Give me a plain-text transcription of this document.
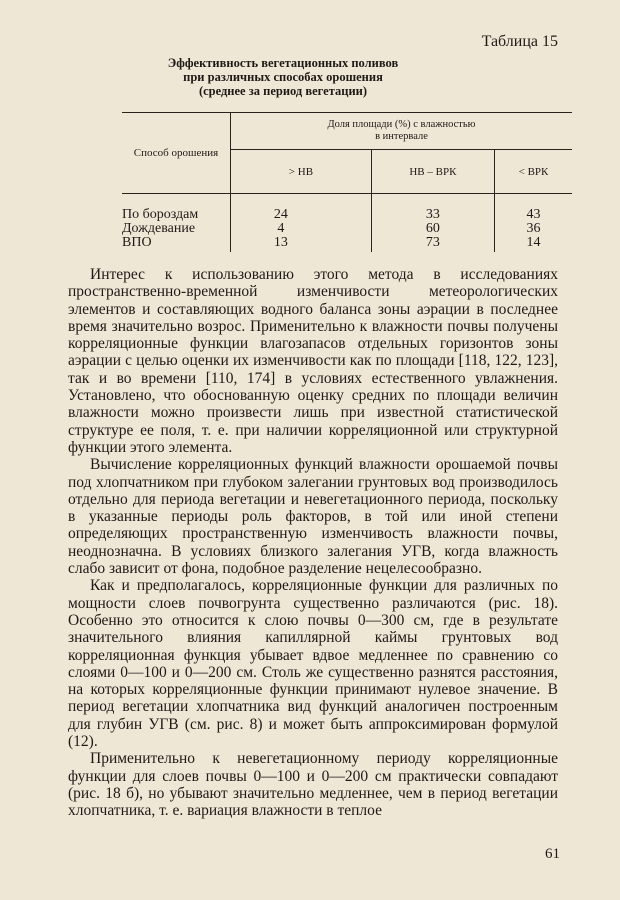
Таблица 15
Эффективность вегетационных поливов
при различных способах орошения
(среднее за период вегетации)
Способ орошения	Доля площади (%) с влажностью
в интервале		

	> НВ	НВ – ВРК	< ВРК
По бороздам	24	33	43
Дождевание	4	60	36
ВПО	13	73	14

Интерес к использованию этого метода в исследованиях пространственно-временной изменчивости метеорологических элементов и составляющих водного баланса зоны аэрации в последнее время значительно возрос. Применительно к влажности почвы получены корреляционные функции влагозапасов отдельных горизонтов зоны аэрации с целью оценки их изменчивости как по площади [118, 122, 123], так и во времени [110, 174] в условиях естественного увлажнения. Установлено, что обоснованную оценку средних по площади величин влажности можно произвести лишь при известной статистической структуре ее поля, т. е. при наличии корреляционной или структурной функции этого элемента.

Вычисление корреляционных функций влажности орошаемой почвы под хлопчатником при глубоком залегании грунтовых вод производилось отдельно для периода вегетации и невегетационного периода, поскольку в указанные периоды роль факторов, в той или иной степени определяющих пространственную изменчивость влажности почвы, неоднозначна. В условиях близкого залегания УГВ, когда влажность слабо зависит от фона, подобное разделение нецелесообразно.

Как и предполагалось, корреляционные функции для различных по мощности слоев почвогрунта существенно различаются (рис. 18). Особенно это относится к слою почвы 0—300 см, где в результате значительного влияния капиллярной каймы грунтовых вод корреляционная функция убывает вдвое медленнее по сравнению со слоями 0—100 и 0—200 см. Столь же существенно разнятся расстояния, на которых корреляционные функции принимают нулевое значение. В период вегетации хлопчатника вид функций аналогичен построенным для глубин УГВ (см. рис. 8) и может быть аппроксимирован формулой (12).

Применительно к невегетационному периоду корреляционные функции для слоев почвы 0—100 и 0—200 см практически совпадают (рис. 18 б), но убывают значительно медленнее, чем в период вегетации хлопчатника, т. е. вариация влажности в теплое

61
